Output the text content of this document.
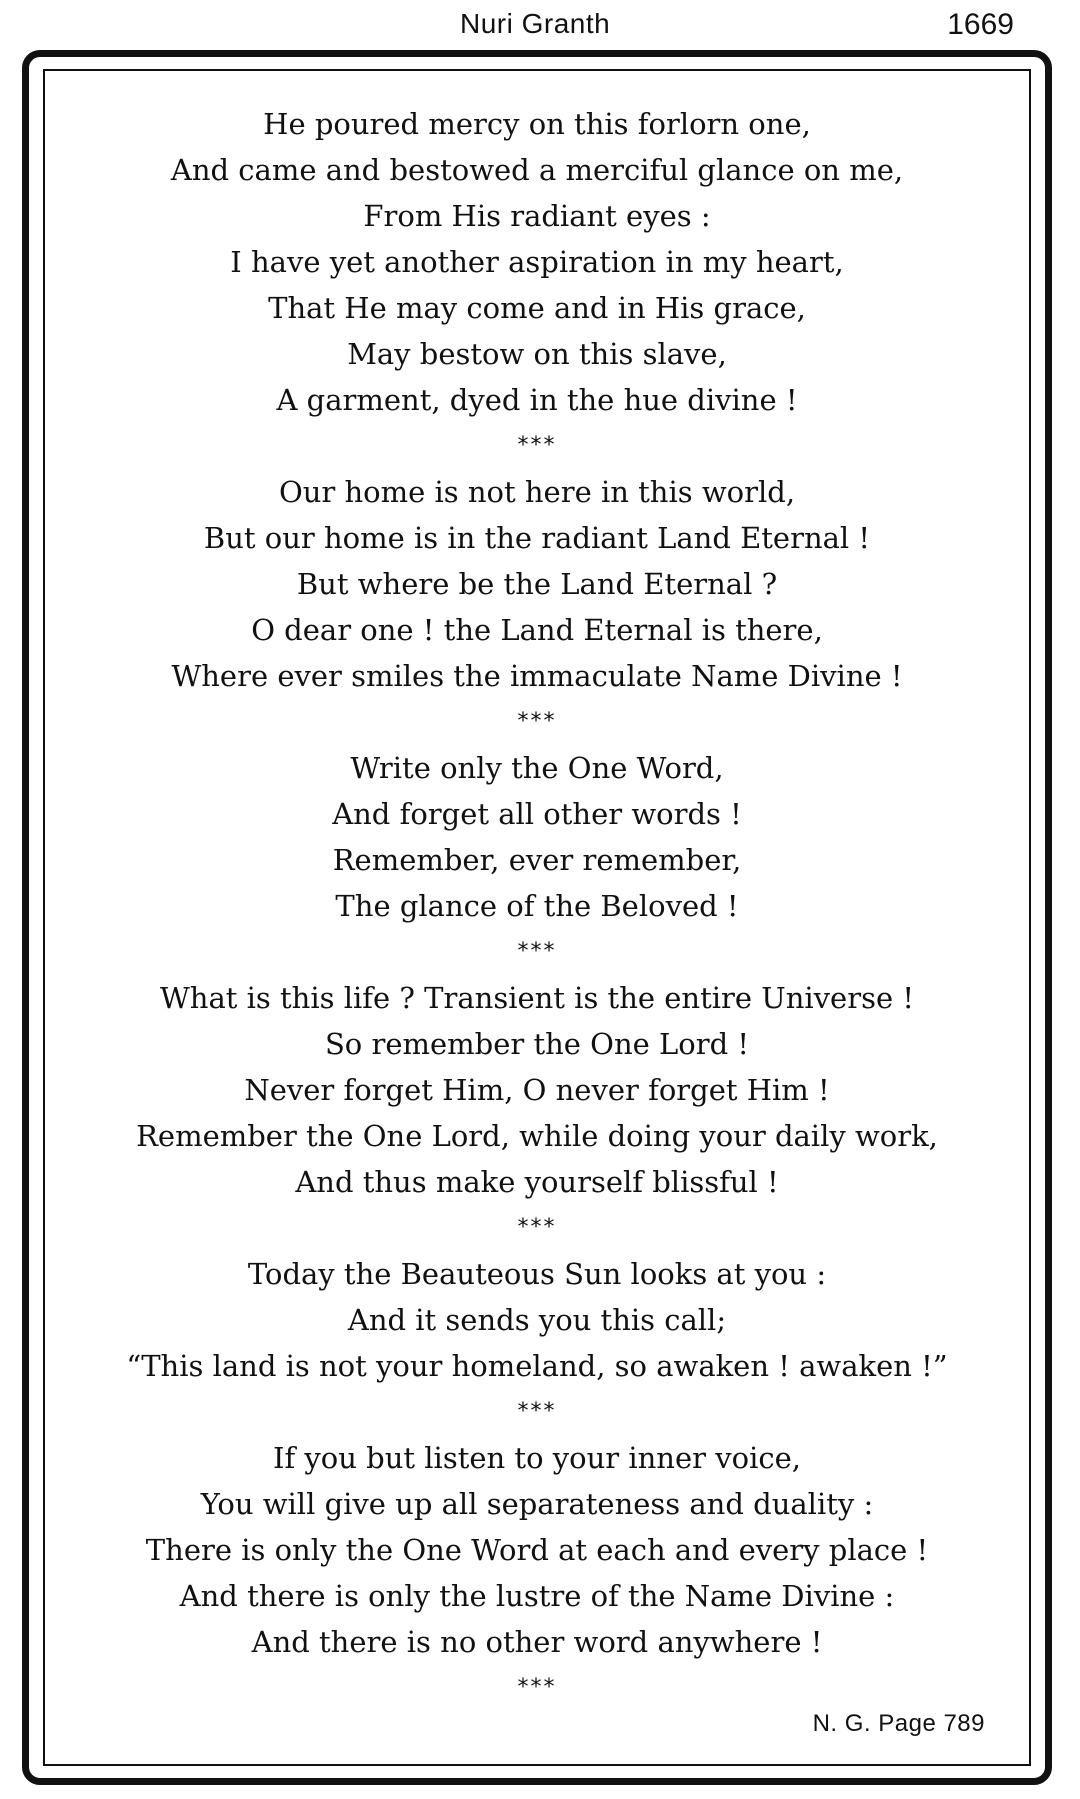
Nuri Granth	1669
He poured mercy on this forlorn one,
And came and bestowed a merciful glance on me,
From His radiant eyes :
I have yet another aspiration in my heart,
That He may come and in His grace,
May bestow on this slave,
A garment, dyed in the hue divine !
***
Our home is not here in this world,
But our home is in the radiant Land Eternal !
But where be the Land Eternal ?
O dear one ! the Land Eternal is there,
Where ever smiles the immaculate Name Divine !
***
Write only the One Word,
And forget all other words !
Remember, ever remember,
The glance of the Beloved !
***
What is this life ? Transient is the entire Universe !
So remember the One Lord !
Never forget Him, O never forget Him !
Remember the One Lord, while doing your daily work,
And thus make yourself blissful !
***
Today the Beauteous Sun looks at you :
And it sends you this call;
“This land is not your homeland, so awaken ! awaken !”
***
If you but listen to your inner voice,
You will give up all separateness and duality :
There is only the One Word at each and every place !
And there is only the lustre of the Name Divine :
And there is no other word anywhere !
***
N. G. Page 789
